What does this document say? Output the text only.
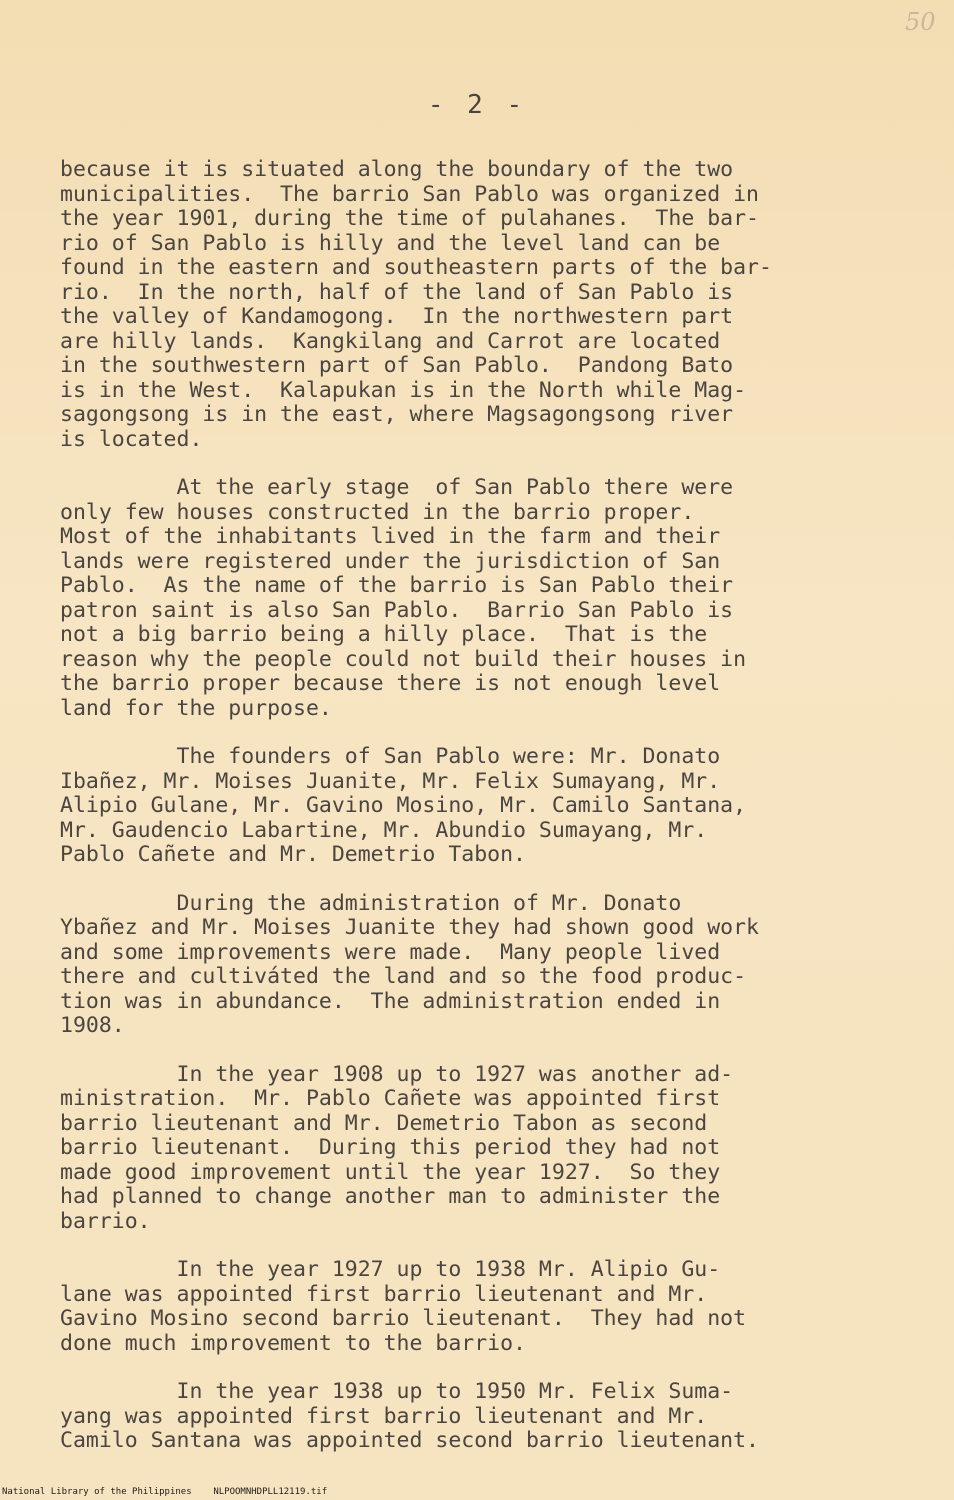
50
- 2 -

because it is situated along the boundary of the two
municipalities.  The barrio San Pablo was organized in
the year 1901, during the time of pulahanes.  The bar-
rio of San Pablo is hilly and the level land can be
found in the eastern and southeastern parts of the bar-
rio.  In the north, half of the land of San Pablo is
the valley of Kandamogong.  In the northwestern part
are hilly lands.  Kangkilang and Carrot are located
in the southwestern part of San Pablo.  Pandong Bato
is in the West.  Kalapukan is in the North while Mag-
sagongsong is in the east, where Magsagongsong river
is located.

At the early stage  of San Pablo there were
only few houses constructed in the barrio proper.
Most of the inhabitants lived in the farm and their
lands were registered under the jurisdiction of San
Pablo.  As the name of the barrio is San Pablo their
patron saint is also San Pablo.  Barrio San Pablo is
not a big barrio being a hilly place.  That is the
reason why the people could not build their houses in
the barrio proper because there is not enough level
land for the purpose.

The founders of San Pablo were: Mr. Donato
Ibañez, Mr. Moises Juanite, Mr. Felix Sumayang, Mr.
Alipio Gulane, Mr. Gavino Mosino, Mr. Camilo Santana,
Mr. Gaudencio Labartine, Mr. Abundio Sumayang, Mr.
Pablo Cañete and Mr. Demetrio Tabon.

During the administration of Mr. Donato
Ybañez and Mr. Moises Juanite they had shown good work
and some improvements were made.  Many people lived
there and cultiváted the land and so the food produc-
tion was in abundance.  The administration ended in
1908.

In the year 1908 up to 1927 was another ad-
ministration.  Mr. Pablo Cañete was appointed first
barrio lieutenant and Mr. Demetrio Tabon as second
barrio lieutenant.  During this period they had not
made good improvement until the year 1927.  So they
had planned to change another man to administer the
barrio.

In the year 1927 up to 1938 Mr. Alipio Gu-
lane was appointed first barrio lieutenant and Mr.
Gavino Mosino second barrio lieutenant.  They had not
done much improvement to the barrio.

In the year 1938 up to 1950 Mr. Felix Suma-
yang was appointed first barrio lieutenant and Mr.
Camilo Santana was appointed second barrio lieutenant.

National Library of the Philippines    NLPOOMNHDPLL12119.tif
